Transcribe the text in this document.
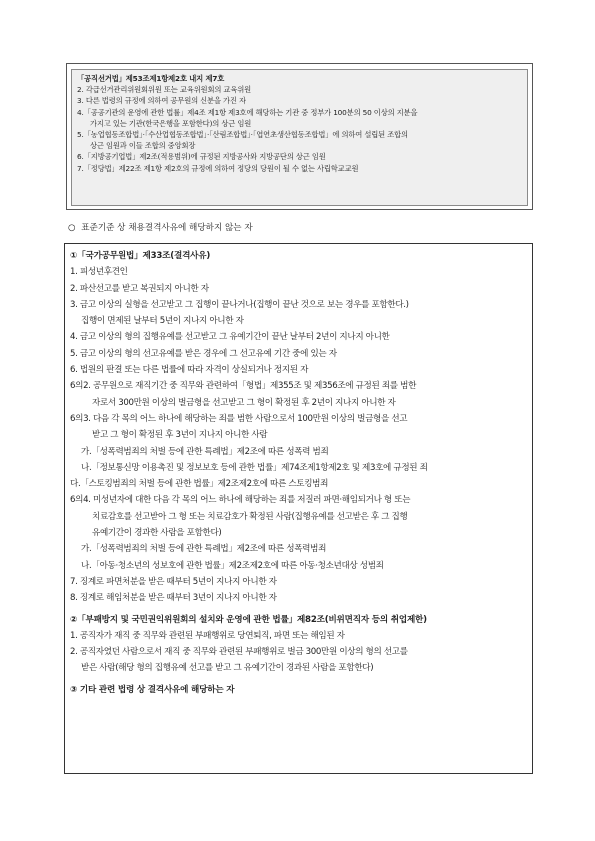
「공직선거법」제53조제1항제2호 내지 제7호
2. 각급선거관리위원회위원 또는 교육위원회의 교육위원
3. 다른 법령의 규정에 의하여 공무원의 신분을 가진 자
4.「공공기관의 운영에 관한 법률」제4조 제1항 제3호에 해당하는 기관 중 정부가 100분의 50 이상의 지분을
가지고 있는 기관(한국은행을 포함한다)의 상근 임원
5.「농업협동조합법」·「수산업협동조합법」·「산림조합법」·「엽연초생산협동조합법」에 의하여 설립된 조합의
상근 임원과 이들 조합의 중앙회장
6.「지방공기업법」제2조(적용범위)에 규정된 지방공사와 지방공단의 상근 임원
7.「정당법」제22조 제1항 제2호의 규정에 의하여 정당의 당원이 될 수 없는 사립학교교원
○ 표준기준 상 채용결격사유에 해당하지 않는 자
①「국가공무원법」제33조(결격사유)
1. 피성년후견인
2. 파산선고를 받고 복권되지 아니한 자
3. 금고 이상의 실형을 선고받고 그 집행이 끝나거나(집행이 끝난 것으로 보는 경우를 포함한다.)
집행이 면제된 날부터 5년이 지나지 아니한 자
4. 금고 이상의 형의 집행유예를 선고받고 그 유예기간이 끝난 날부터 2년이 지나지 아니한
5. 금고 이상의 형의 선고유예를 받은 경우에 그 선고유예 기간 중에 있는 자
6. 법원의 판결 또는 다른 법률에 따라 자격이 상실되거나 정지된 자
6의2. 공무원으로 재직기간 중 직무와 관련하여「형법」제355조 및 제356조에 규정된 죄를 범한
자로서 300만원 이상의 벌금형을 선고받고 그 형이 확정된 후 2년이 지나지 아니한 자
6의3. 다음 각 목의 어느 하나에 해당하는 죄를 범한 사람으로서 100만원 이상의 벌금형을 선고
받고 그 형이 확정된 후 3년이 지나지 아니한 사람
가.「성폭력범죄의 처벌 등에 관한 특례법」제2조에 따른 성폭력 범죄
나.「정보통신망 이용촉진 및 정보보호 등에 관한 법률」제74조제1항제2호 및 제3호에 규정된 죄
다.「스토킹범죄의 처벌 등에 관한 법률」제2조제2호에 따른 스토킹범죄
6의4. 미성년자에 대한 다음 각 목의 어느 하나에 해당하는 죄를 저질러 파면·해임되거나 형 또는
치료감호를 선고받아 그 형 또는 치료감호가 확정된 사람(집행유예를 선고받은 후 그 집행
유예기간이 경과한 사람을 포함한다)
가.「성폭력범죄의 처벌 등에 관한 특례법」제2조에 따른 성폭력범죄
나.「아동·청소년의 성보호에 관한 법률」제2조제2호에 따른 아동·청소년대상 성범죄
7. 징계로 파면처분을 받은 때부터 5년이 지나지 아니한 자
8. 징계로 해임처분을 받은 때부터 3년이 지나지 아니한 자
②「부패방지 및 국민권익위원회의 설치와 운영에 관한 법률」제82조(비위면직자 등의 취업제한)
1. 공직자가 재직 중 직무와 관련된 부패행위로 당연퇴직, 파면 또는 해임된 자
2. 공직자였던 사람으로서 재직 중 직무와 관련된 부패행위로 벌금 300만원 이상의 형의 선고를
받은 사람(해당 형의 집행유예 선고를 받고 그 유예기간이 경과된 사람을 포함한다)
③ 기타 관련 법령 상 결격사유에 해당하는 자
